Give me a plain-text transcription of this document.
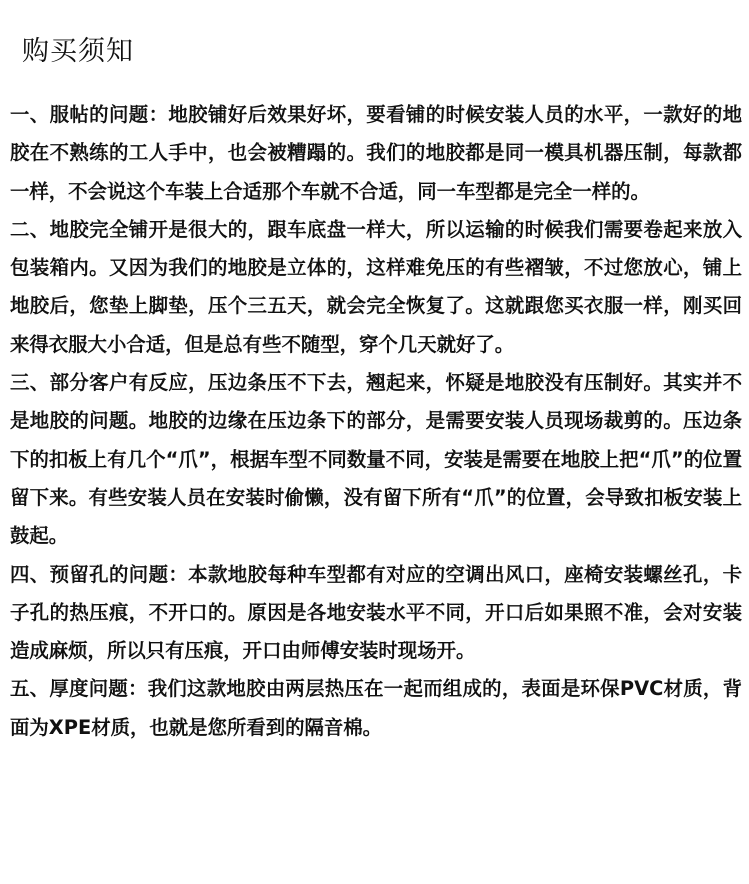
购买须知

一、服帖的问题：地胶铺好后效果好坏，要看铺的时候安装人员的水平，一款好的地胶在不熟练的工人手中，也会被糟蹋的。我们的地胶都是同一模具机器压制，每款都一样，不会说这个车装上合适那个车就不合适，同一车型都是完全一样的。

二、地胶完全铺开是很大的，跟车底盘一样大，所以运输的时候我们需要卷起来放入包装箱内。又因为我们的地胶是立体的，这样难免压的有些褶皱，不过您放心，铺上地胶后，您垫上脚垫，压个三五天，就会完全恢复了。这就跟您买衣服一样，刚买回来得衣服大小合适，但是总有些不随型，穿个几天就好了。

三、部分客户有反应，压边条压不下去，翘起来，怀疑是地胶没有压制好。其实并不是地胶的问题。地胶的边缘在压边条下的部分，是需要安装人员现场裁剪的。压边条下的扣板上有几个“爪”，根据车型不同数量不同，安装是需要在地胶上把“爪”的位置留下来。有些安装人员在安装时偷懒，没有留下所有“爪”的位置，会导致扣板安装上鼓起。

四、预留孔的问题：本款地胶每种车型都有对应的空调出风口，座椅安装螺丝孔，卡子孔的热压痕，不开口的。原因是各地安装水平不同，开口后如果照不准，会对安装造成麻烦，所以只有压痕，开口由师傅安装时现场开。

五、厚度问题：我们这款地胶由两层热压在一起而组成的，表面是环保PVC材质，背面为XPE材质，也就是您所看到的隔音棉。
